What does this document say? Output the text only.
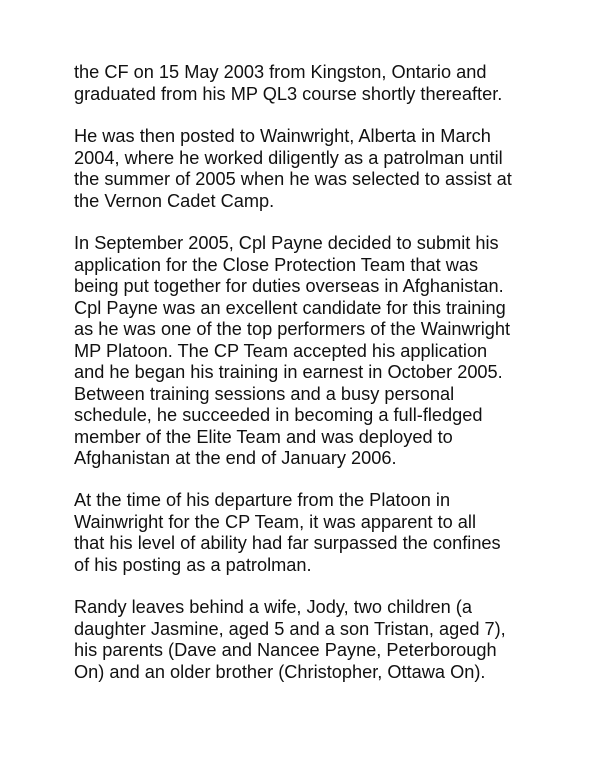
the CF on 15 May 2003 from Kingston, Ontario and
graduated from his MP QL3 course shortly thereafter.
He was then posted to Wainwright, Alberta in March
2004, where he worked diligently as a patrolman until
the summer of 2005 when he was selected to assist at
the Vernon Cadet Camp.
In September 2005, Cpl Payne decided to submit his
application for the Close Protection Team that was
being put together for duties overseas in Afghanistan.
Cpl Payne was an excellent candidate for this training
as he was one of the top performers of the Wainwright
MP Platoon. The CP Team accepted his application
and he began his training in earnest in October 2005.
Between training sessions and a busy personal
schedule, he succeeded in becoming a full-fledged
member of the Elite Team and was deployed to
Afghanistan at the end of January 2006.
At the time of his departure from the Platoon in
Wainwright for the CP Team, it was apparent to all
that his level of ability had far surpassed the confines
of his posting as a patrolman.
Randy leaves behind a wife, Jody, two children (a
daughter Jasmine, aged 5 and a son Tristan, aged 7),
his parents (Dave and Nancee Payne, Peterborough
On) and an older brother (Christopher, Ottawa On).
